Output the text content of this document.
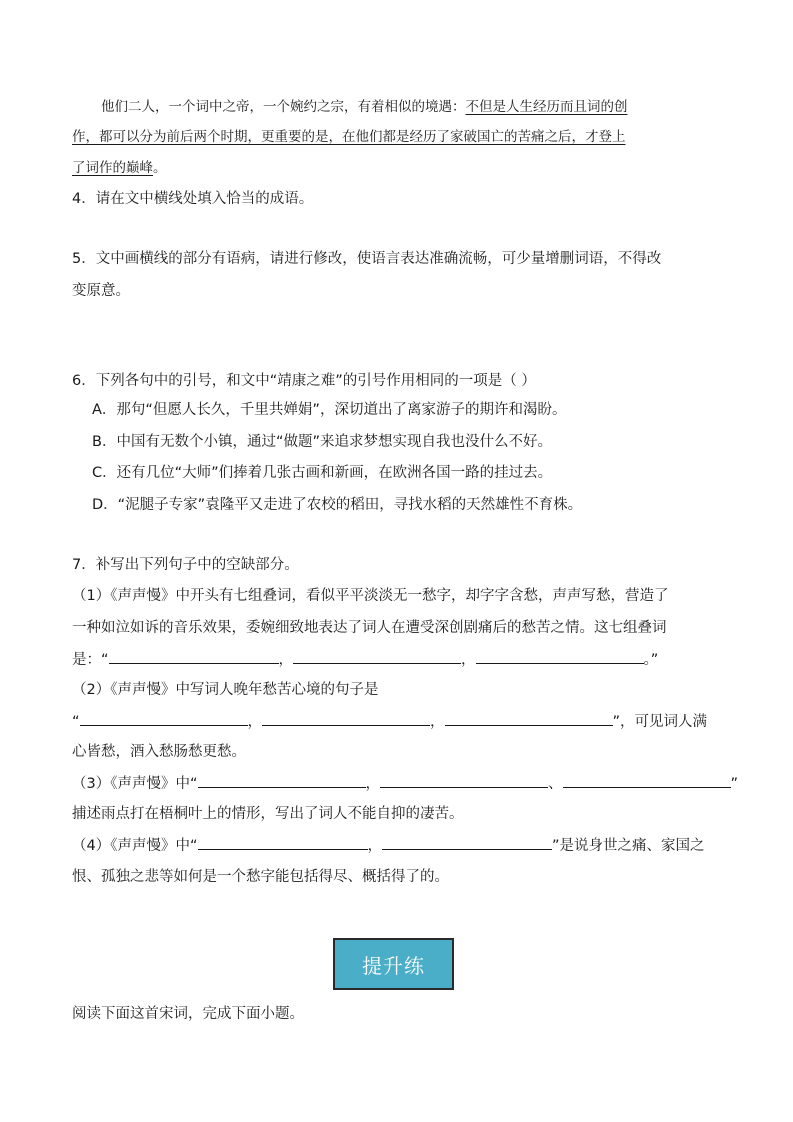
他们二人，一个词中之帝，一个婉约之宗，有着相似的境遇：不但是人生经历而且词的创
作，都可以分为前后两个时期，更重要的是，在他们都是经历了家破国亡的苦痛之后，才登上
了词作的巅峰。
4．请在文中横线处填入恰当的成语。
5．文中画横线的部分有语病，请进行修改，使语言表达准确流畅，可少量增删词语，不得改
变原意。
6．下列各句中的引号，和文中“靖康之难”的引号作用相同的一项是（ ）
A．那句“但愿人长久，千里共婵娟”，深切道出了离家游子的期许和渴盼。
B．中国有无数个小镇，通过“做题”来追求梦想实现自我也没什么不好。
C．还有几位“大师”们捧着几张古画和新画，在欧洲各国一路的挂过去。
D．“泥腿子专家”袁隆平又走进了农校的稻田，寻找水稻的天然雄性不育株。
7．补写出下列句子中的空缺部分。
（1）《声声慢》中开头有七组叠词，看似平平淡淡无一愁字，却字字含愁，声声写愁，营造了
一种如泣如诉的音乐效果，委婉细致地表达了词人在遭受深创剧痛后的愁苦之情。这七组叠词
是：“	，	，	。”
（2）《声声慢》中写词人晚年愁苦心境的句子是
“	，	，	”，可见词人满
心皆愁，酒入愁肠愁更愁。
（3）《声声慢》中“	，	、	”
捕述雨点打在梧桐叶上的情形，写出了词人不能自抑的凄苦。
（4）《声声慢》中“	，	”是说身世之痛、家国之
恨、孤独之悲等如何是一个愁字能包括得尽、概括得了的。
提升练
阅读下面这首宋词，完成下面小题。
